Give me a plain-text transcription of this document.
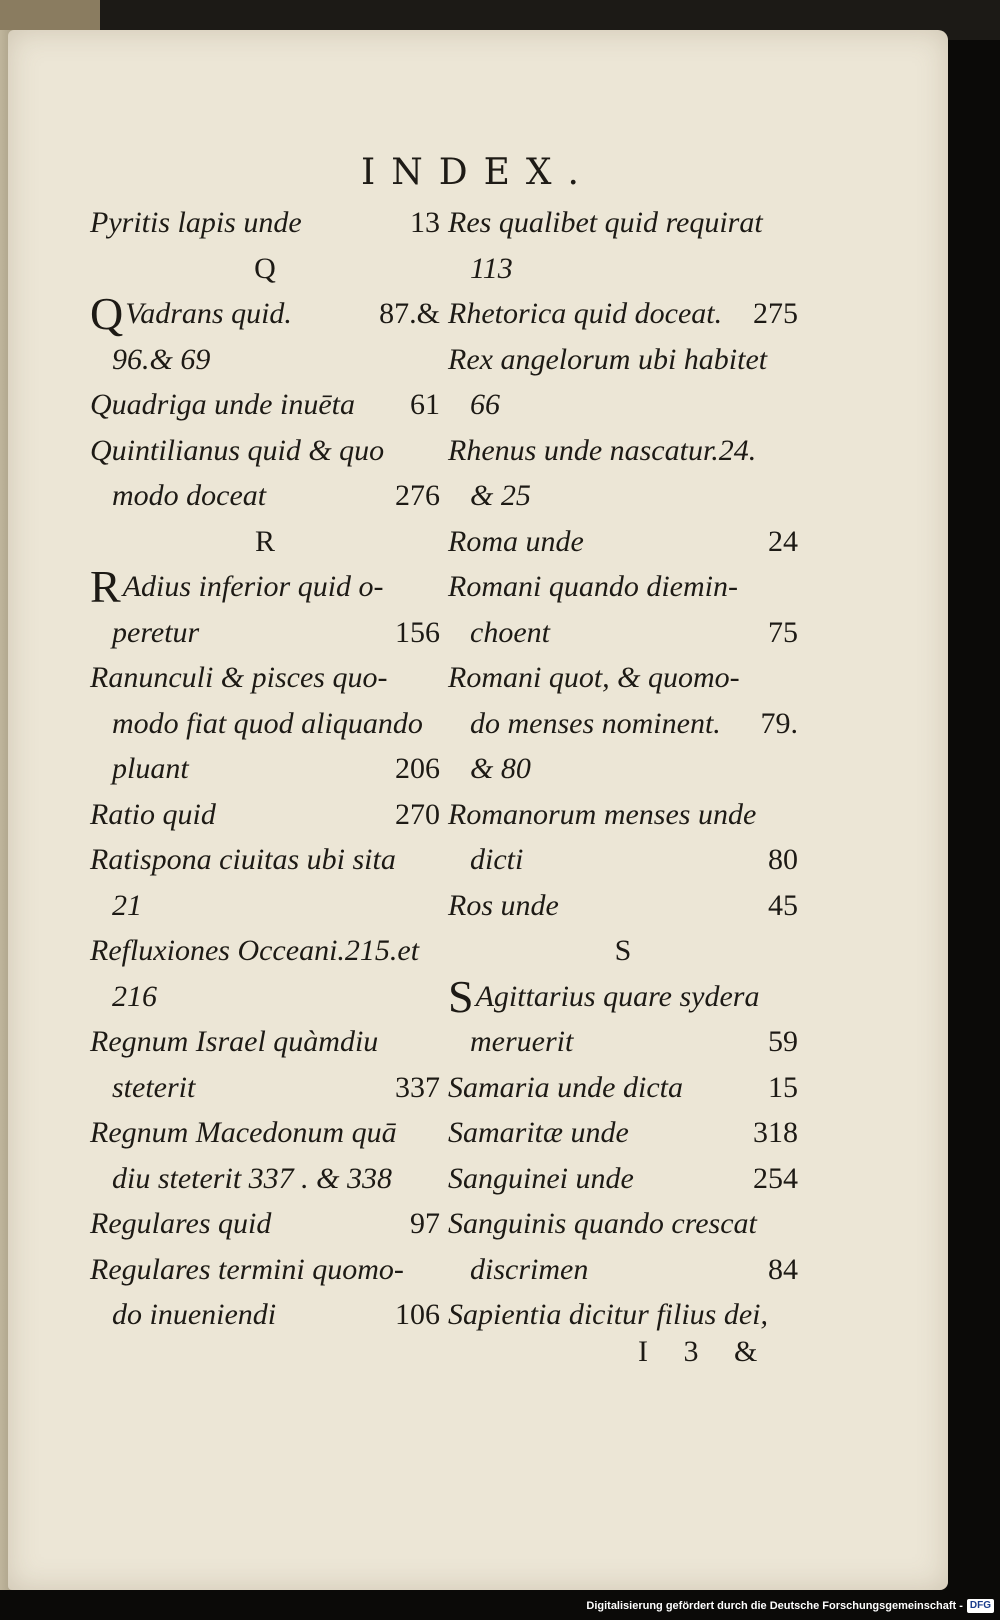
INDEX.
Pyritis lapis unde	13
Q
QVadrans quid.	87.&
96.& 69
Quadriga unde inuēta 61
Quintilianus quid & quo
modo doceat	276
R
RAdius inferior quid o-
peretur	156
Ranunculi & pisces quo-
modo fiat quod aliquando
pluant	206
Ratio quid	270
Ratispona ciuitas ubi sita
21
Refluxiones Occeani.215.et
216
Regnum Israel quàmdiu
steterit	337
Regnum Macedonum quā
diu steterit 337 . & 338
Regulares quid	97
Regulares termini quomo-
do inueniendi	106
Res qualibet quid requirat
113
Rhetorica quid doceat. 275
Rex angelorum ubi habitet
66
Rhenus unde nascatur.24.
& 25
Roma unde	24
Romani quando diemin-
choent	75
Romani quot, & quomo-
do menses nominent. 79.
& 80
Romanorum menses unde
dicti	80
Ros unde	45
S
SAgittarius quare sydera
meruerit	59
Samaria unde dicta	15
Samaritæ unde	318
Sanguinei unde	254
Sanguinis quando crescat
discrimen	84
Sapientia dicitur filius dei,
I 3 &
Digitalisierung gefördert durch die Deutsche Forschungsgemeinschaft - DFG
